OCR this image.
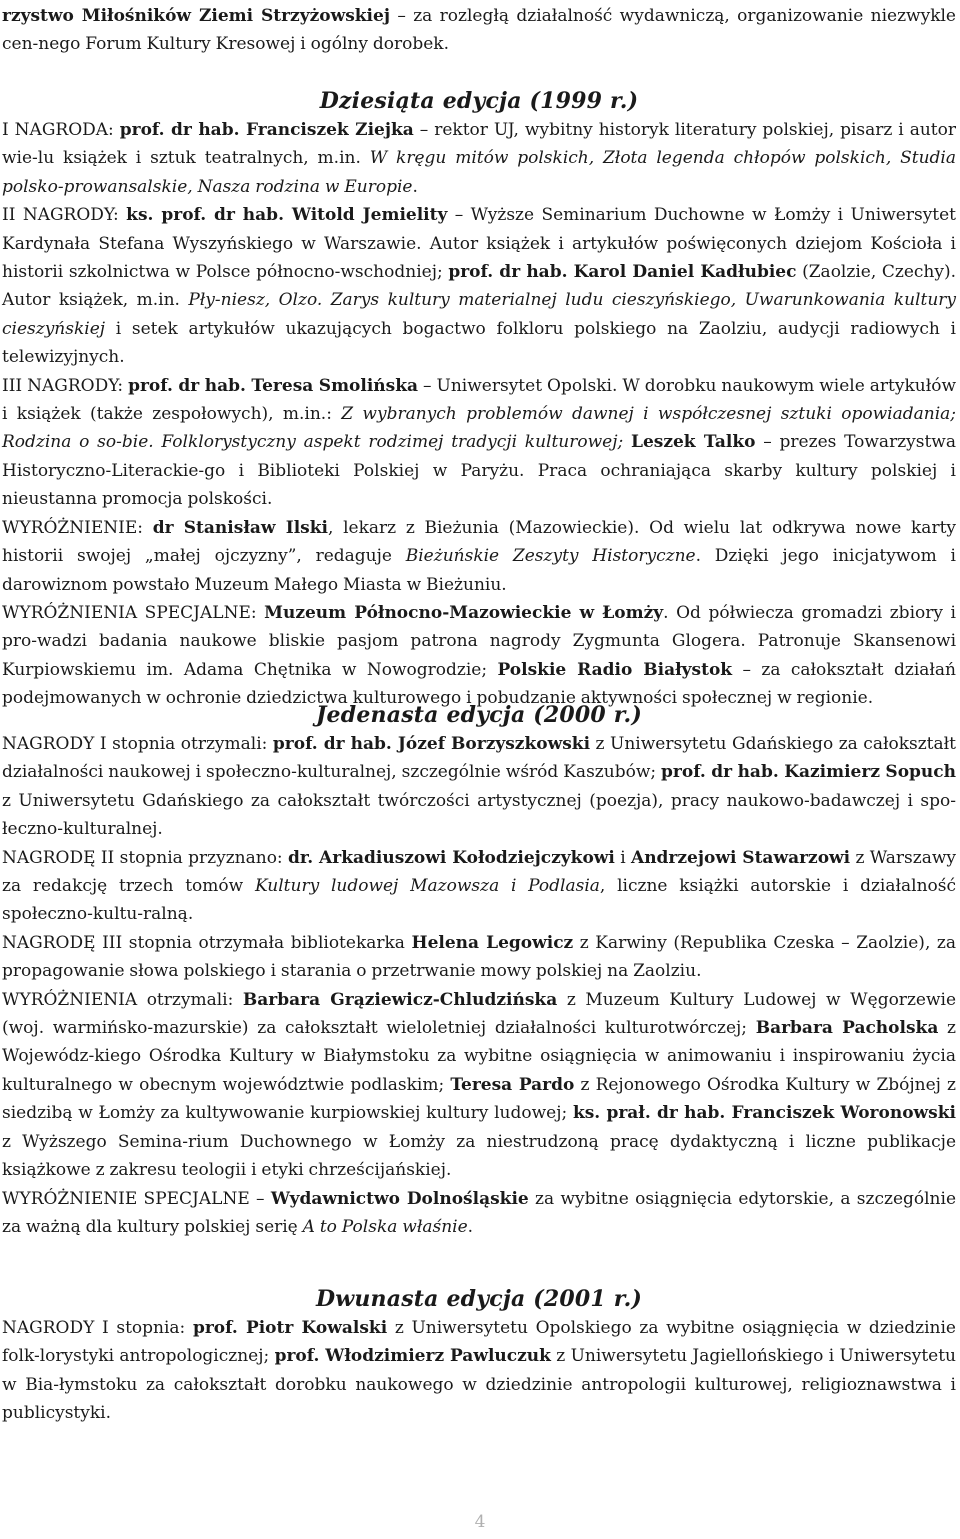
rzystwo Miłośników Ziemi Strzyżowskiej – za rozległą działalność wydawniczą, organizowanie niezwykle cen-nego Forum Kultury Kresowej i ogólny dorobek.

Dziesiąta edycja (1999 r.)

I NAGRODA: prof. dr hab. Franciszek Ziejka – rektor UJ, wybitny historyk literatury polskiej, pisarz i autor wie-lu książek i sztuk teatralnych, m.in. W kręgu mitów polskich, Złota legenda chłopów polskich, Studia polsko-prowansalskie, Nasza rodzina w Europie.

II NAGRODY: ks. prof. dr hab. Witold Jemielity – Wyższe Seminarium Duchowne w Łomży i Uniwersytet Kardynała Stefana Wyszyńskiego w Warszawie. Autor książek i artykułów poświęconych dziejom Kościoła i historii szkolnictwa w Polsce północno-wschodniej; prof. dr hab. Karol Daniel Kadłubiec (Zaolzie, Czechy). Autor książek, m.in. Pły-niesz, Olzo. Zarys kultury materialnej ludu cieszyńskiego, Uwarunkowania kultury cieszyńskiej i setek artykułów ukazujących bogactwo folkloru polskiego na Zaolziu, audycji radiowych i telewizyjnych.

III NAGRODY: prof. dr hab. Teresa Smolińska – Uniwersytet Opolski. W dorobku naukowym wiele artykułów i książek (także zespołowych), m.in.: Z wybranych problemów dawnej i współczesnej sztuki opowiadania; Rodzina o so-bie. Folklorystyczny aspekt rodzimej tradycji kulturowej; Leszek Talko – prezes Towarzystwa Historyczno-Literackie-go i Biblioteki Polskiej w Paryżu. Praca ochraniająca skarby kultury polskiej i nieustanna promocja polskości.

WYRÓŻNIENIE: dr Stanisław Ilski, lekarz z Bieżunia (Mazowieckie). Od wielu lat odkrywa nowe karty historii swojej „małej ojczyzny”, redaguje Bieżuńskie Zeszyty Historyczne. Dzięki jego inicjatywom i darowiznom powstało Muzeum Małego Miasta w Bieżuniu.

WYRÓŻNIENIA SPECJALNE: Muzeum Północno-Mazowieckie w Łomży. Od półwiecza gromadzi zbiory i pro-wadzi badania naukowe bliskie pasjom patrona nagrody Zygmunta Glogera. Patronuje Skansenowi Kurpiowskiemu im. Adama Chętnika w Nowogrodzie; Polskie Radio Białystok – za całokształt działań podejmowanych w ochronie dziedzictwa kulturowego i pobudzanie aktywności społecznej w regionie.

Jedenasta edycja (2000 r.)

NAGRODY I stopnia otrzymali: prof. dr hab. Józef Borzyszkowski z Uniwersytetu Gdańskiego za całokształt działalności naukowej i społeczno-kulturalnej, szczególnie wśród Kaszubów; prof. dr hab. Kazimierz Sopuch z Uniwersytetu Gdańskiego za całokształt twórczości artystycznej (poezja), pracy naukowo-badawczej i spo-łeczno-kulturalnej.

NAGRODĘ II stopnia przyznano: dr. Arkadiuszowi Kołodziejczykowi i Andrzejowi Stawarzowi z Warszawy za redakcję trzech tomów Kultury ludowej Mazowsza i Podlasia, liczne książki autorskie i działalność społeczno-kultu-ralną.

NAGRODĘ III stopnia otrzymała bibliotekarka Helena Legowicz z Karwiny (Republika Czeska – Zaolzie), za propagowanie słowa polskiego i starania o przetrwanie mowy polskiej na Zaolziu.

WYRÓŻNIENIA otrzymali: Barbara Grąziewicz-Chludzińska z Muzeum Kultury Ludowej w Węgorzewie (woj. warmińsko-mazurskie) za całokształt wieloletniej działalności kulturotwórczej; Barbara Pacholska z Wojewódz-kiego Ośrodka Kultury w Białymstoku za wybitne osiągnięcia w animowaniu i inspirowaniu życia kulturalnego w obecnym województwie podlaskim; Teresa Pardo z Rejonowego Ośrodka Kultury w Zbójnej z siedzibą w Łomży za kultywowanie kurpiowskiej kultury ludowej; ks. prał. dr hab. Franciszek Woronowski z Wyższego Semina-rium Duchownego w Łomży za niestrudzoną pracę dydaktyczną i liczne publikacje książkowe z zakresu teologii i etyki chrześcijańskiej.

WYRÓŻNIENIE SPECJALNE – Wydawnictwo Dolnośląskie za wybitne osiągnięcia edytorskie, a szczególnie za ważną dla kultury polskiej serię A to Polska właśnie.

Dwunasta edycja (2001 r.)

NAGRODY I stopnia: prof. Piotr Kowalski z Uniwersytetu Opolskiego za wybitne osiągnięcia w dziedzinie folk-lorystyki antropologicznej; prof. Włodzimierz Pawluczuk z Uniwersytetu Jagiellońskiego i Uniwersytetu w Bia-łymstoku za całokształt dorobku naukowego w dziedzinie antropologii kulturowej, religioznawstwa i publicystyki.

4
